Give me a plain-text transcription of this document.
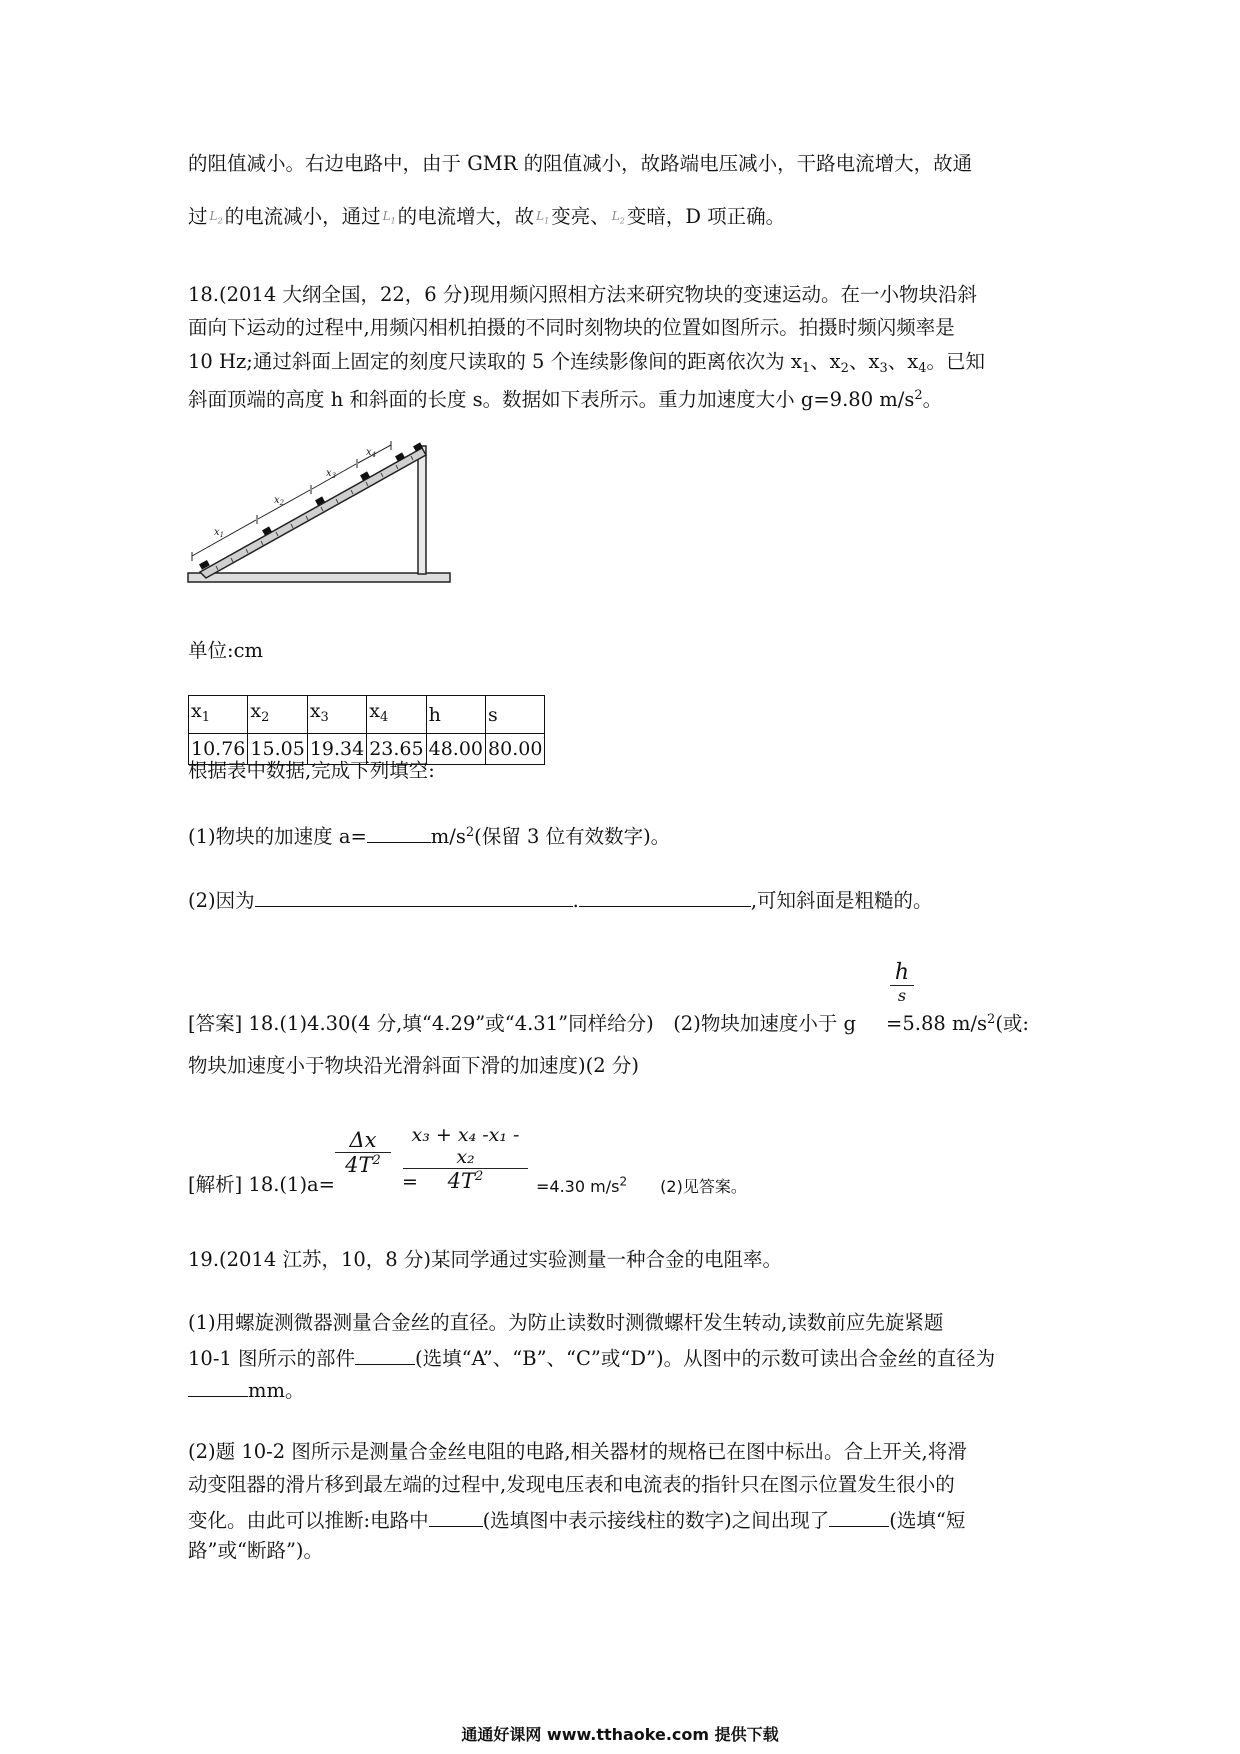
的阻值减小。右边电路中，由于 GMR 的阻值减小，故路端电压减小，干路电流增大，故通
过 $L_2$ 的电流减小，通过 $L_1$ 的电流增大，故 $L_1$ 变亮、 $L_2$ 变暗，D 项正确。
18.(2014 大纲全国，22，6 分)现用频闪照相方法来研究物块的变速运动。在一小物块沿斜
面向下运动的过程中,用频闪相机拍摄的不同时刻物块的位置如图所示。拍摄时频闪频率是
10 Hz;通过斜面上固定的刻度尺读取的 5 个连续影像间的距离依次为 $x_1$、$x_2$、$x_3$、$x_4$。已知
斜面顶端的高度 h 和斜面的长度 s。数据如下表所示。重力加速度大小 g=9.80 $m/s^2$。
$x_1$
$x_2$
$x_3$
$x_4$
单位:cm
$x_1$	$x_2$	$x_3$	$x_4$	h	s
10.76	15.05	19.34	23.65	48.00	80.00
根据表中数据,完成下列填空:
(1)物块的加速度 a=	$m/s^2$(保留 3 位有效数字)。
(2)因为	.	,可知斜面是粗糙的。
h
s
[答案] 18.(1)4.30(4 分,填“4.29”或“4.31”同样给分)　(2)物块加速度小于 g =5.88 $m/s^2$(或:
物块加速度小于物块沿光滑斜面下滑的加速度)(2 分)
[解析] 18.(1)a=
Δx
$4T^2$
=
x₃ + x₄ -x₁ -x₂
$4T^2$
=4.30 $m/s^2$ (2)见答案。
19.(2014 江苏，10，8 分)某同学通过实验测量一种合金的电阻率。
(1)用螺旋测微器测量合金丝的直径。为防止读数时测微螺杆发生转动,读数前应先旋紧题
10-1 图所示的部件	(选填“A”、“B”、“C”或“D”)。从图中的示数可读出合金丝的直径为
mm。
(2)题 10-2 图所示是测量合金丝电阻的电路,相关器材的规格已在图中标出。合上开关,将滑
动变阻器的滑片移到最左端的过程中,发现电压表和电流表的指针只在图示位置发生很小的
变化。由此可以推断:电路中	(选填图中表示接线柱的数字)之间出现了	(选填“短
路”或“断路”)。
通通好课网 www.tthaoke.com 提供下载
